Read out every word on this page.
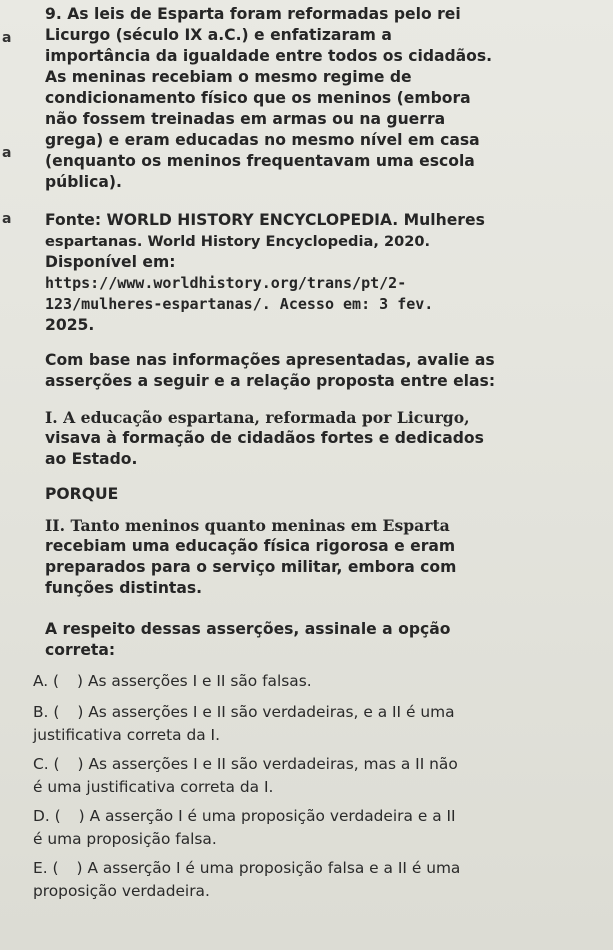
a
a
a
9. As leis de Esparta foram reformadas pelo rei
Licurgo (século IX a.C.) e enfatizaram a
importância da igualdade entre todos os cidadãos.
As meninas recebiam o mesmo regime de
condicionamento físico que os meninos (embora
não fossem treinadas em armas ou na guerra
grega) e eram educadas no mesmo nível em casa
(enquanto os meninos frequentavam uma escola
pública).
Fonte: WORLD HISTORY ENCYCLOPEDIA. Mulheres
espartanas. World History Encyclopedia, 2020.
Disponível em:
https://www.worldhistory.org/trans/pt/2-
123/mulheres-espartanas/. Acesso em: 3 fev.
2025.
Com base nas informações apresentadas, avalie as
asserções a seguir e a relação proposta entre elas:
I. A educação espartana, reformada por Licurgo,
visava à formação de cidadãos fortes e dedicados
ao Estado.
PORQUE
II. Tanto meninos quanto meninas em Esparta
recebiam uma educação física rigorosa e eram
preparados para o serviço militar, embora com
funções distintas.
A respeito dessas asserções, assinale a opção
correta:
A. ( ) As asserções I e II são falsas.
B. ( ) As asserções I e II são verdadeiras, e a II é uma
justificativa correta da I.
C. ( ) As asserções I e II são verdadeiras, mas a II não
é uma justificativa correta da I.
D. ( ) A asserção I é uma proposição verdadeira e a II
é uma proposição falsa.
E. ( ) A asserção I é uma proposição falsa e a II é uma
proposição verdadeira.
